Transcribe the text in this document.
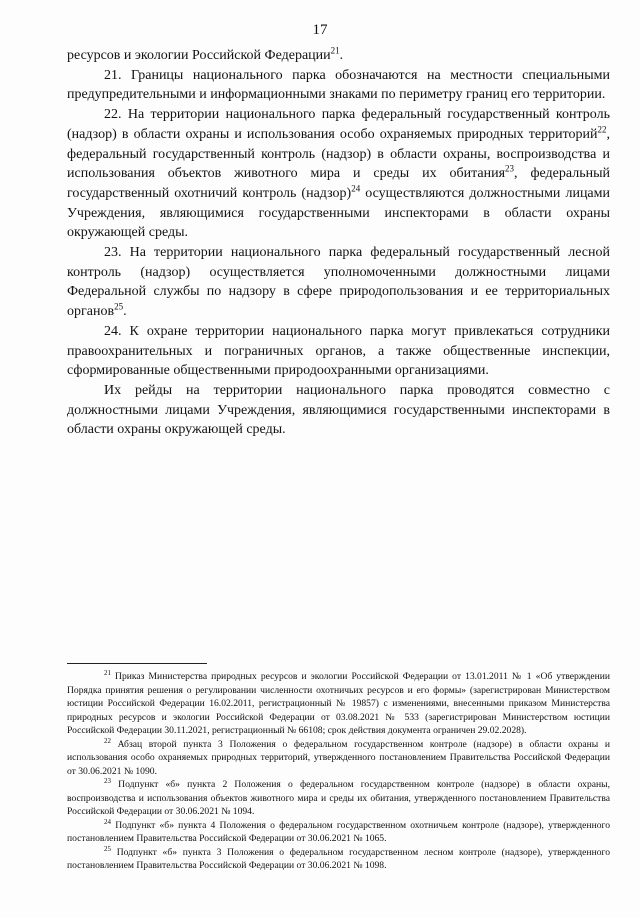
17

ресурсов и экологии Российской Федерации$^{21}$.

21. Границы национального парка обозначаются на местности специальными предупредительными и информационными знаками по периметру границ его территории.

22. На территории национального парка федеральный государственный контроль (надзор) в области охраны и использования особо охраняемых природных территорий$^{22}$, федеральный государственный контроль (надзор) в области охраны, воспроизводства и использования объектов животного мира и среды их обитания$^{23}$, федеральный государственный охотничий контроль (надзор)$^{24}$ осуществляются должностными лицами Учреждения, являющимися государственными инспекторами в области охраны окружающей среды.

23. На территории национального парка федеральный государственный лесной контроль (надзор) осуществляется уполномоченными должностными лицами Федеральной службы по надзору в сфере природопользования и ее территориальных органов$^{25}$.

24. К охране территории национального парка могут привлекаться сотрудники правоохранительных и пограничных органов, а также общественные инспекции, сформированные общественными природоохранными организациями.

Их рейды на территории национального парка проводятся совместно с должностными лицами Учреждения, являющимися государственными инспекторами в области охраны окружающей среды.

$^{21}$ Приказ Министерства природных ресурсов и экологии Российской Федерации от 13.01.2011 № 1 «Об утверждении Порядка принятия решения о регулировании численности охотничьих ресурсов и его формы» (зарегистрирован Министерством юстиции Российской Федерации 16.02.2011, регистрационный № 19857) с изменениями, внесенными приказом Министерства природных ресурсов и экологии Российской Федерации от 03.08.2021 № 533 (зарегистрирован Министерством юстиции Российской Федерации 30.11.2021, регистрационный № 66108; срок действия документа ограничен 29.02.2028).

$^{22}$ Абзац второй пункта 3 Положения о федеральном государственном контроле (надзоре) в области охраны и использования особо охраняемых природных территорий, утвержденного постановлением Правительства Российской Федерации от 30.06.2021 № 1090.

$^{23}$ Подпункт «б» пункта 2 Положения о федеральном государственном контроле (надзоре) в области охраны, воспроизводства и использования объектов животного мира и среды их обитания, утвержденного постановлением Правительства Российской Федерации от 30.06.2021 № 1094.

$^{24}$ Подпункт «б» пункта 4 Положения о федеральном государственном охотничьем контроле (надзоре), утвержденного постановлением Правительства Российской Федерации от 30.06.2021 № 1065.

$^{25}$ Подпункт «б» пункта 3 Положения о федеральном государственном лесном контроле (надзоре), утвержденного постановлением Правительства Российской Федерации от 30.06.2021 № 1098.
